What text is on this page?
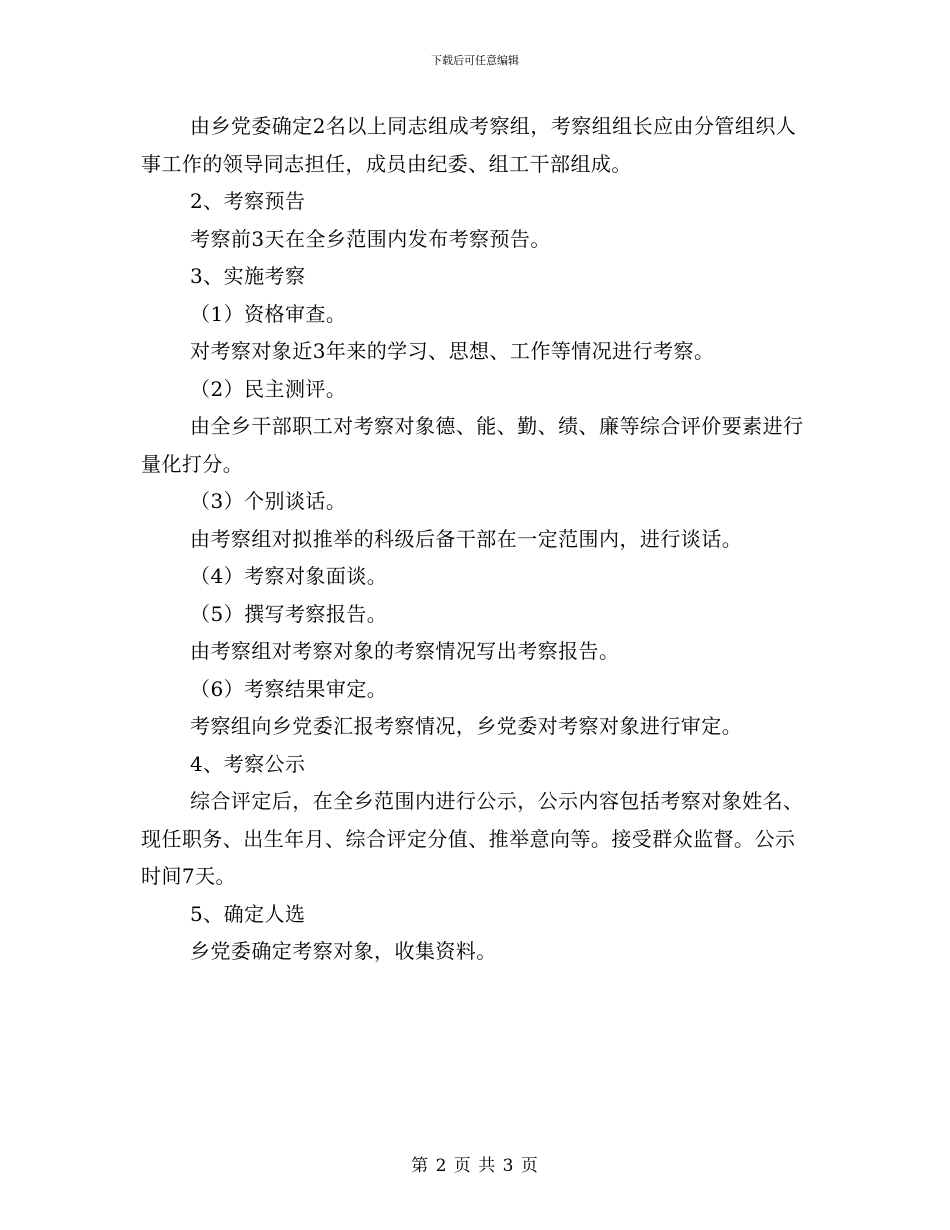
下载后可任意编辑

由乡党委确定2名以上同志组成考察组，考察组组长应由分管组织人事工作的领导同志担任，成员由纪委、组工干部组成。

2、考察预告

考察前3天在全乡范围内发布考察预告。

3、实施考察

（1）资格审查。

对考察对象近3年来的学习、思想、工作等情况进行考察。

（2）民主测评。

由全乡干部职工对考察对象德、能、勤、绩、廉等综合评价要素进行量化打分。

（3）个别谈话。

由考察组对拟推举的科级后备干部在一定范围内，进行谈话。

（4）考察对象面谈。

（5）撰写考察报告。

由考察组对考察对象的考察情况写出考察报告。

（6）考察结果审定。

考察组向乡党委汇报考察情况，乡党委对考察对象进行审定。

4、考察公示

综合评定后，在全乡范围内进行公示，公示内容包括考察对象姓名、现任职务、出生年月、综合评定分值、推举意向等。接受群众监督。公示时间7天。

5、确定人选

乡党委确定考察对象，收集资料。

第 2 页 共 3 页
